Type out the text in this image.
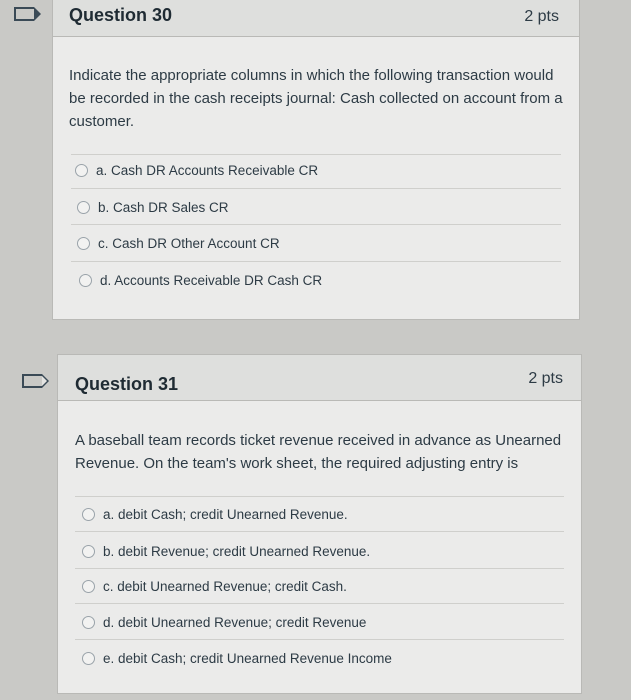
Question 30	2 pts
Indicate the appropriate columns in which the following transaction would be recorded in the cash receipts journal: Cash collected on account from a customer.
a. Cash DR Accounts Receivable CR
b. Cash DR Sales CR
c. Cash DR Other Account CR
d. Accounts Receivable DR Cash CR
Question 31	2 pts
A baseball team records ticket revenue received in advance as Unearned Revenue. On the team's work sheet, the required adjusting entry is
a. debit Cash; credit Unearned Revenue.
b. debit Revenue; credit Unearned Revenue.
c. debit Unearned Revenue; credit Cash.
d. debit Unearned Revenue; credit Revenue
e. debit Cash; credit Unearned Revenue Income
